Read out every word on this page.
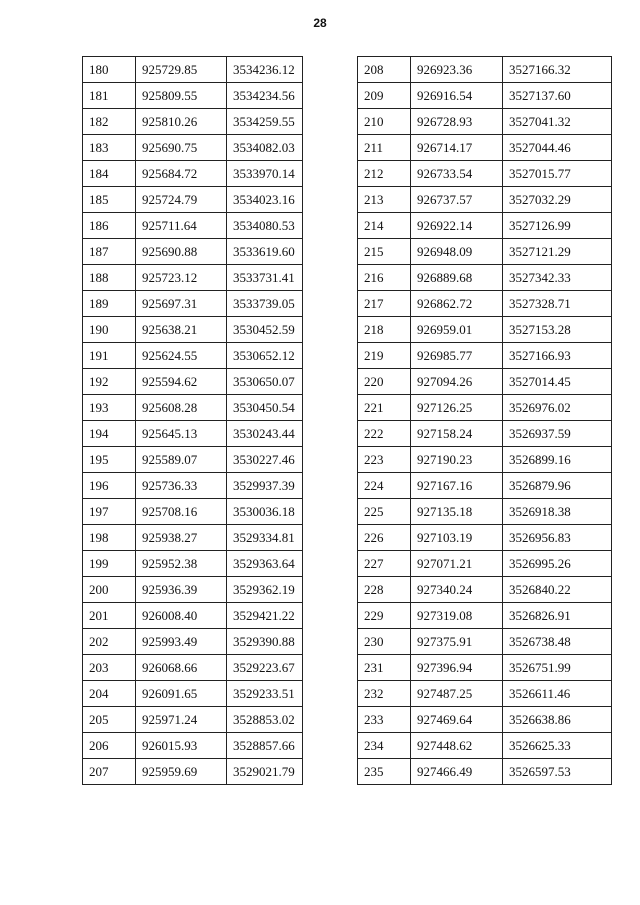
28
180	925729.85	3534236.12
181	925809.55	3534234.56
182	925810.26	3534259.55
183	925690.75	3534082.03
184	925684.72	3533970.14
185	925724.79	3534023.16
186	925711.64	3534080.53
187	925690.88	3533619.60
188	925723.12	3533731.41
189	925697.31	3533739.05
190	925638.21	3530452.59
191	925624.55	3530652.12
192	925594.62	3530650.07
193	925608.28	3530450.54
194	925645.13	3530243.44
195	925589.07	3530227.46
196	925736.33	3529937.39
197	925708.16	3530036.18
198	925938.27	3529334.81
199	925952.38	3529363.64
200	925936.39	3529362.19
201	926008.40	3529421.22
202	925993.49	3529390.88
203	926068.66	3529223.67
204	926091.65	3529233.51
205	925971.24	3528853.02
206	926015.93	3528857.66
207	925959.69	3529021.79
208	926923.36	3527166.32
209	926916.54	3527137.60
210	926728.93	3527041.32
211	926714.17	3527044.46
212	926733.54	3527015.77
213	926737.57	3527032.29
214	926922.14	3527126.99
215	926948.09	3527121.29
216	926889.68	3527342.33
217	926862.72	3527328.71
218	926959.01	3527153.28
219	926985.77	3527166.93
220	927094.26	3527014.45
221	927126.25	3526976.02
222	927158.24	3526937.59
223	927190.23	3526899.16
224	927167.16	3526879.96
225	927135.18	3526918.38
226	927103.19	3526956.83
227	927071.21	3526995.26
228	927340.24	3526840.22
229	927319.08	3526826.91
230	927375.91	3526738.48
231	927396.94	3526751.99
232	927487.25	3526611.46
233	927469.64	3526638.86
234	927448.62	3526625.33
235	927466.49	3526597.53
